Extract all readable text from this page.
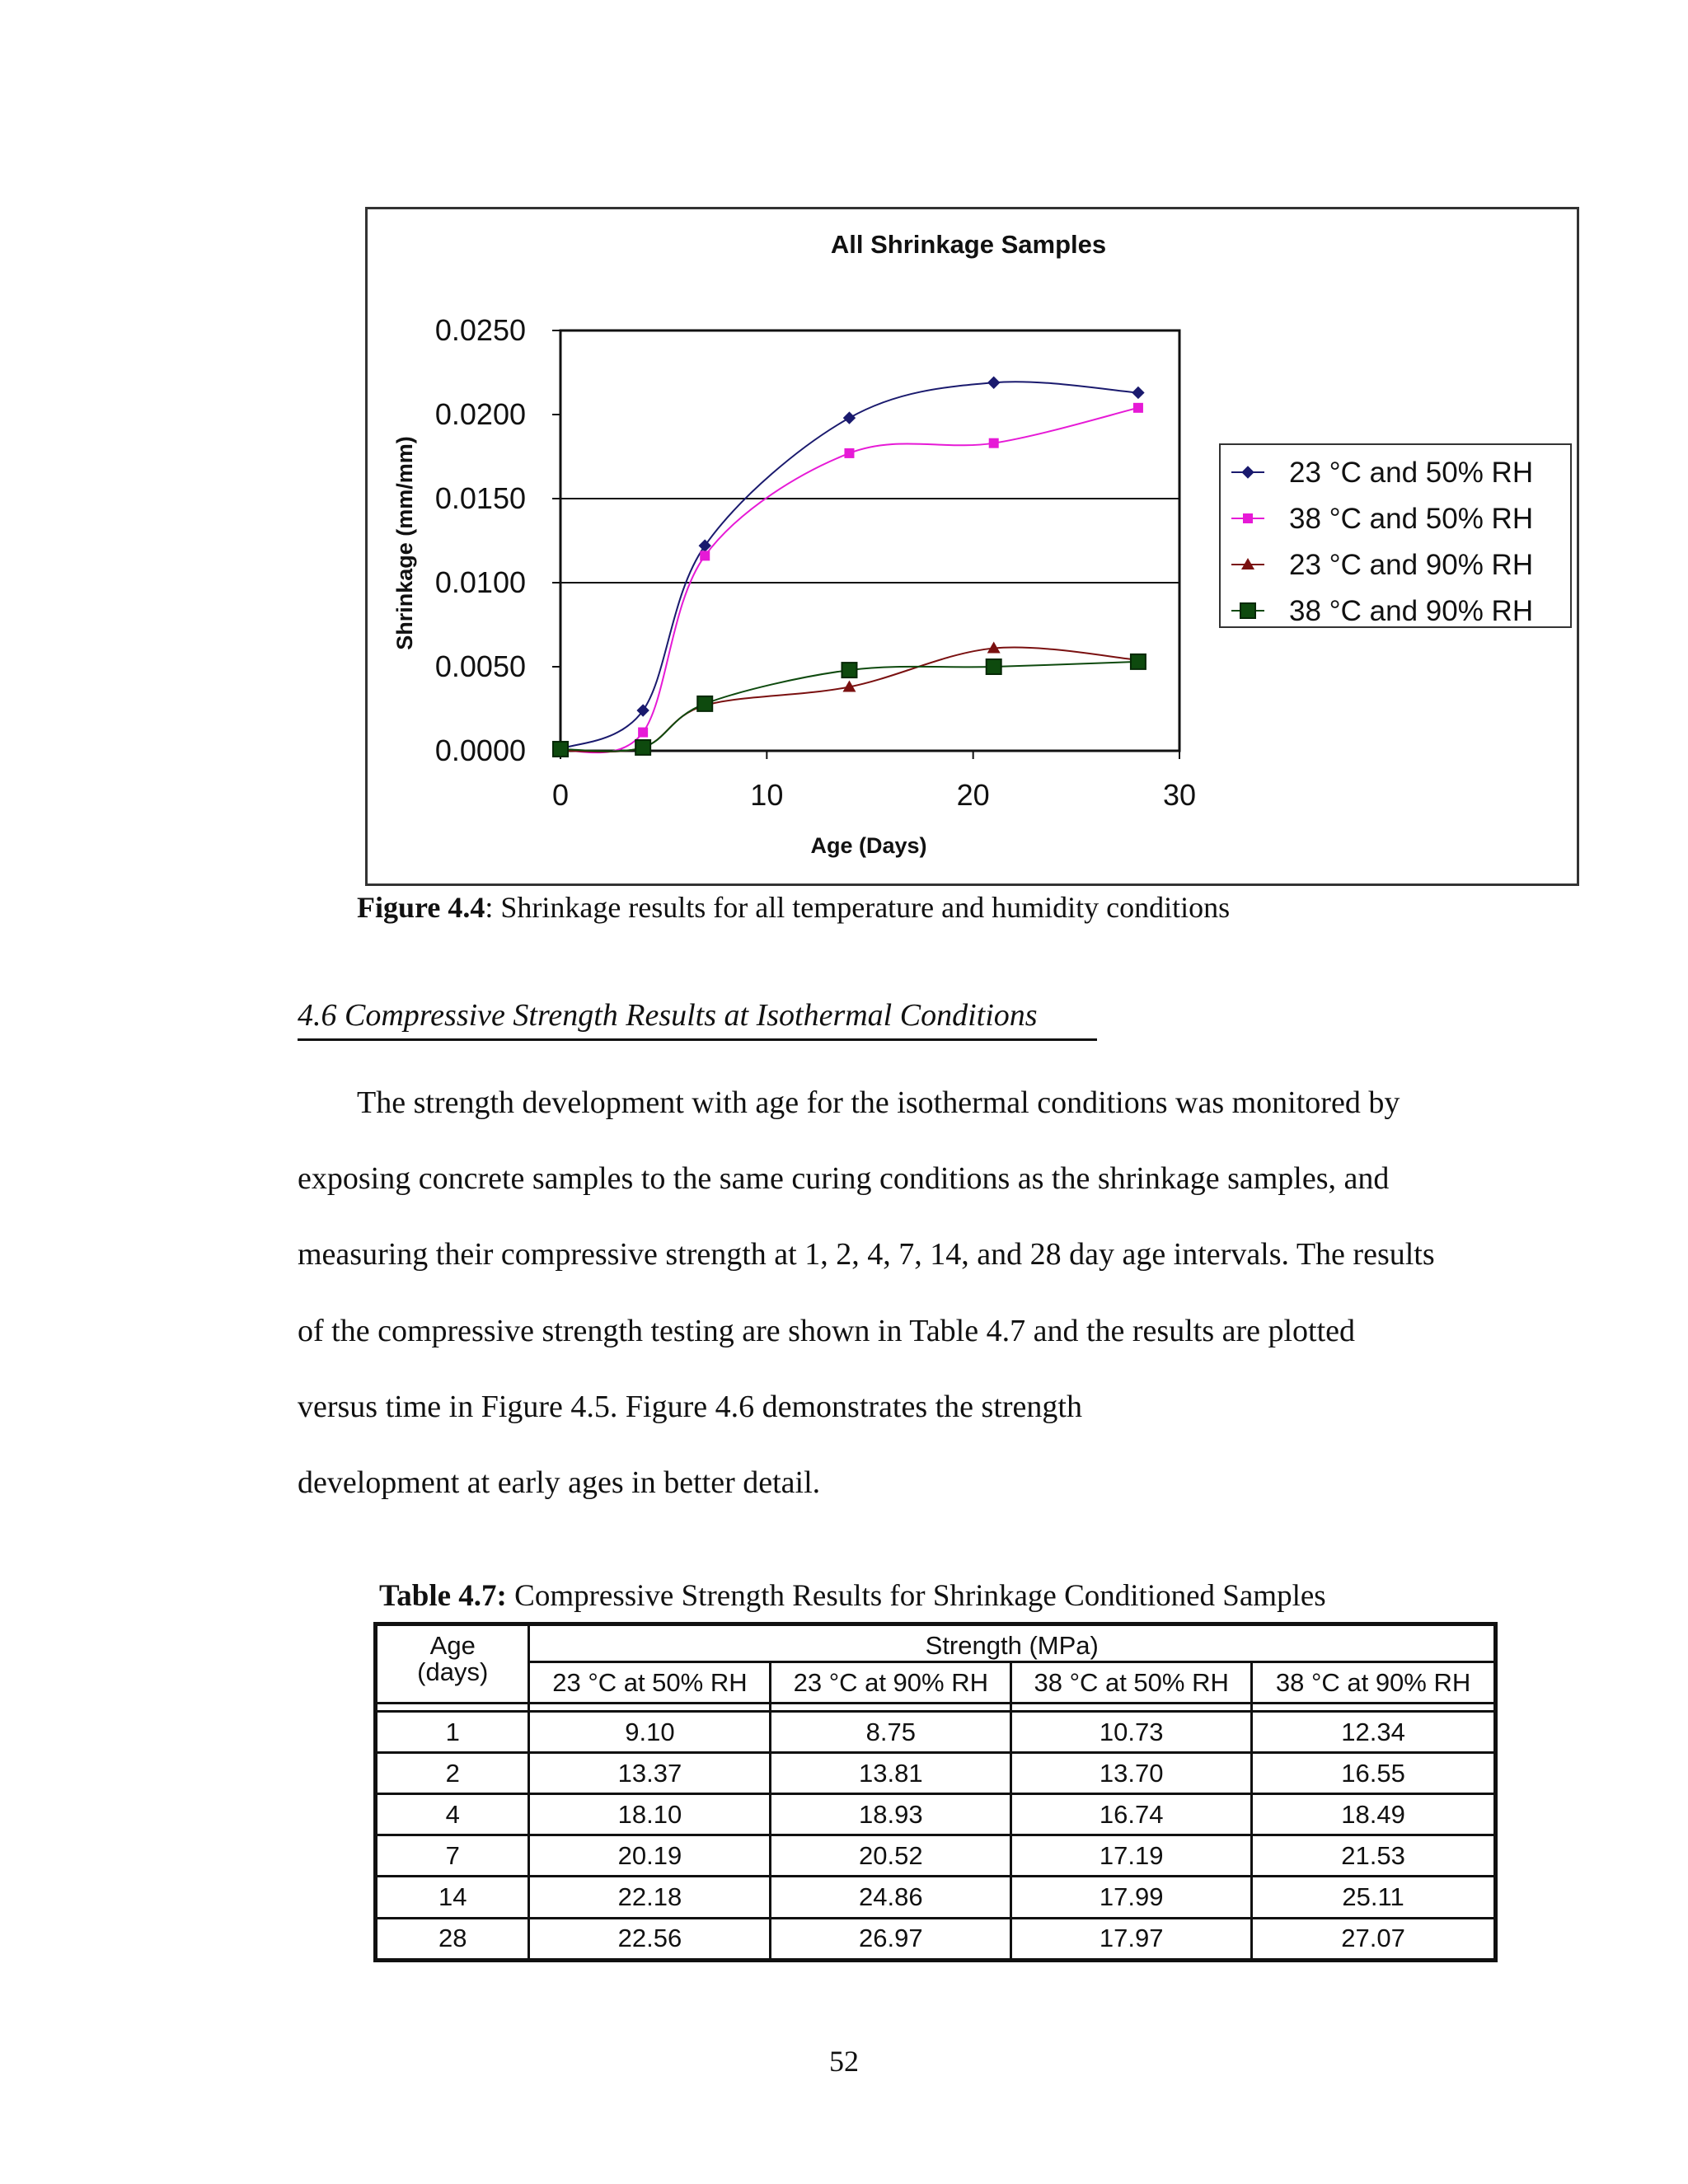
All Shrinkage Samples
0.0000
0.0050
0.0100
0.0150
0.0200
0.0250
0	10	20	30
Age (Days)
Shrinkage (mm/mm)	23 °C and 50% RH
38 °C and 50% RH
23 °C and 90% RH
38 °C and 90% RH
Figure 4.4: Shrinkage results for all temperature and humidity conditions
4.6 Compressive Strength Results at Isothermal Conditions
The strength development with age for the isothermal conditions was monitored by
exposing concrete samples to the same curing conditions as the shrinkage samples, and
measuring their compressive strength at 1, 2, 4, 7, 14, and 28 day age intervals. The results
of the compressive strength testing are shown in Table 4.7 and the results are plotted
versus time in Figure 4.5. Figure 4.6 demonstrates the strength
development at early ages in better detail.
Table 4.7: Compressive Strength Results for Shrinkage Conditioned Samples
Age
(days)	Strength (MPa)			
	23 °C at 50% RH	23 °C at 90% RH	38 °C at 50% RH	38 °C at 90% RH

1	9.10	8.75	10.73	12.34
2	13.37	13.81	13.70	16.55
4	18.10	18.93	16.74	18.49
7	20.19	20.52	17.19	21.53
14	22.18	24.86	17.99	25.11
28	22.56	26.97	17.97	27.07
52
